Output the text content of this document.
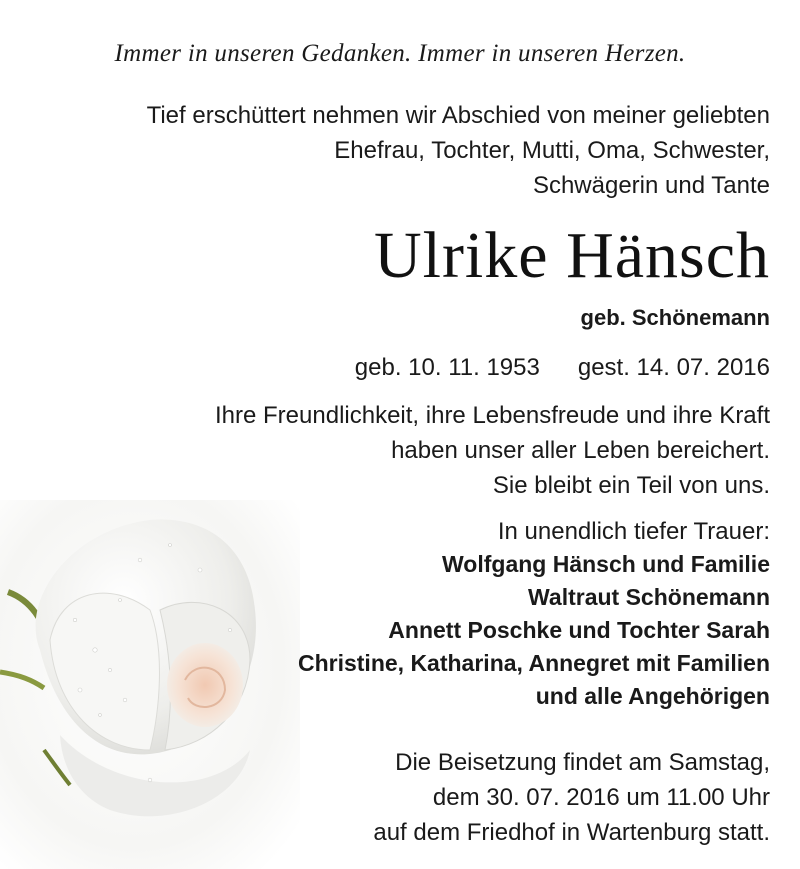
Immer in unseren Gedanken. Immer in unseren Herzen.
Tief erschüttert nehmen wir Abschied von meiner geliebten
Ehefrau, Tochter, Mutti, Oma, Schwester,
Schwägerin und Tante
Ulrike Hänsch
geb. Schönemann
geb. 10. 11. 1953 gest. 14. 07. 2016
Ihre Freundlichkeit, ihre Lebensfreude und ihre Kraft
haben unser aller Leben bereichert.
Sie bleibt ein Teil von uns.
In unendlich tiefer Trauer:
Wolfgang Hänsch und Familie
Waltraut Schönemann
Annett Poschke und Tochter Sarah
Christine, Katharina, Annegret mit Familien
und alle Angehörigen
Die Beisetzung findet am Samstag,
dem 30. 07. 2016 um 11.00 Uhr
auf dem Friedhof in Wartenburg statt.
